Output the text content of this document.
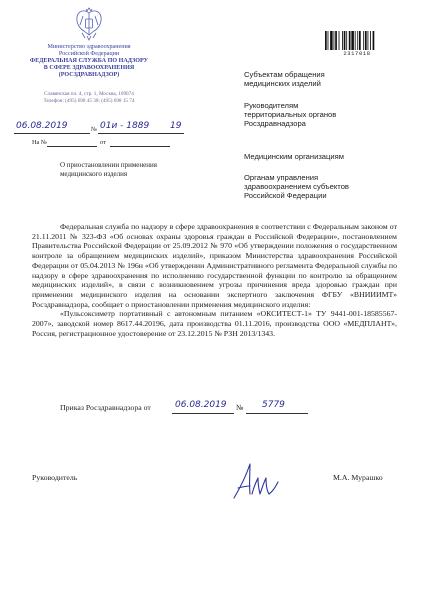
Министерство здравоохранения
Российской Федерации
ФЕДЕРАЛЬНАЯ СЛУЖБА ПО НАДЗОРУ
В СФЕРЕ ЗДРАВООХРАНЕНИЯ
(РОСЗДРАВНАДЗОР)
Славянская пл. 4, стр. 1, Москва, 109074
Телефон: (495) 698 45 38; (495) 698 15 74
06.08.2019	№ 01и - 1889 19
На №	от
О приостановлении применения
медицинского изделия
2317018
Субъектам обращения
медицинских изделий
Руководителям
территориальных органов
Росздравнадзора
Медицинским организациям
Органам управления
здравоохранением субъектов
Российской Федерации

Федеральная служба по надзору в сфере здравоохранения в соответствии с Федеральным законом от 21.11.2011 № 323-ФЗ «Об основах охраны здоровья граждан в Российской Федерации», постановлением Правительства Российской Федерации от 25.09.2012 № 970 «Об утверждении положения о государственном контроле за обращением медицинских изделий», приказом Министерства здравоохранения Российской Федерации от 05.04.2013 № 196н «Об утверждении Административного регламента Федеральной службы по надзору в сфере здравоохранения по исполнению государственной функции по контролю за обращением медицинских изделий», в связи с возникновением угрозы причинения вреда здоровью граждан при применении медицинского изделия на основании экспертного заключения ФГБУ «ВНИИИМТ» Росздравнадзора, сообщает о приостановлении применения медицинского изделия:

«Пульсоксиметр портативный с автономным питанием «ОКСИТЕСТ-1» ТУ 9441-001-18585567-2007», заводской номер 8617.44.20196, дата производства 01.11.2016, производства ООО «МЕДПЛАНТ», Россия, регистрационное удостоверение от 23.12.2015 № РЗН 2013/1343.

Приказ Росздравнадзора от	06.08.2019 № 5779
Руководитель	М.А. Мурашко
